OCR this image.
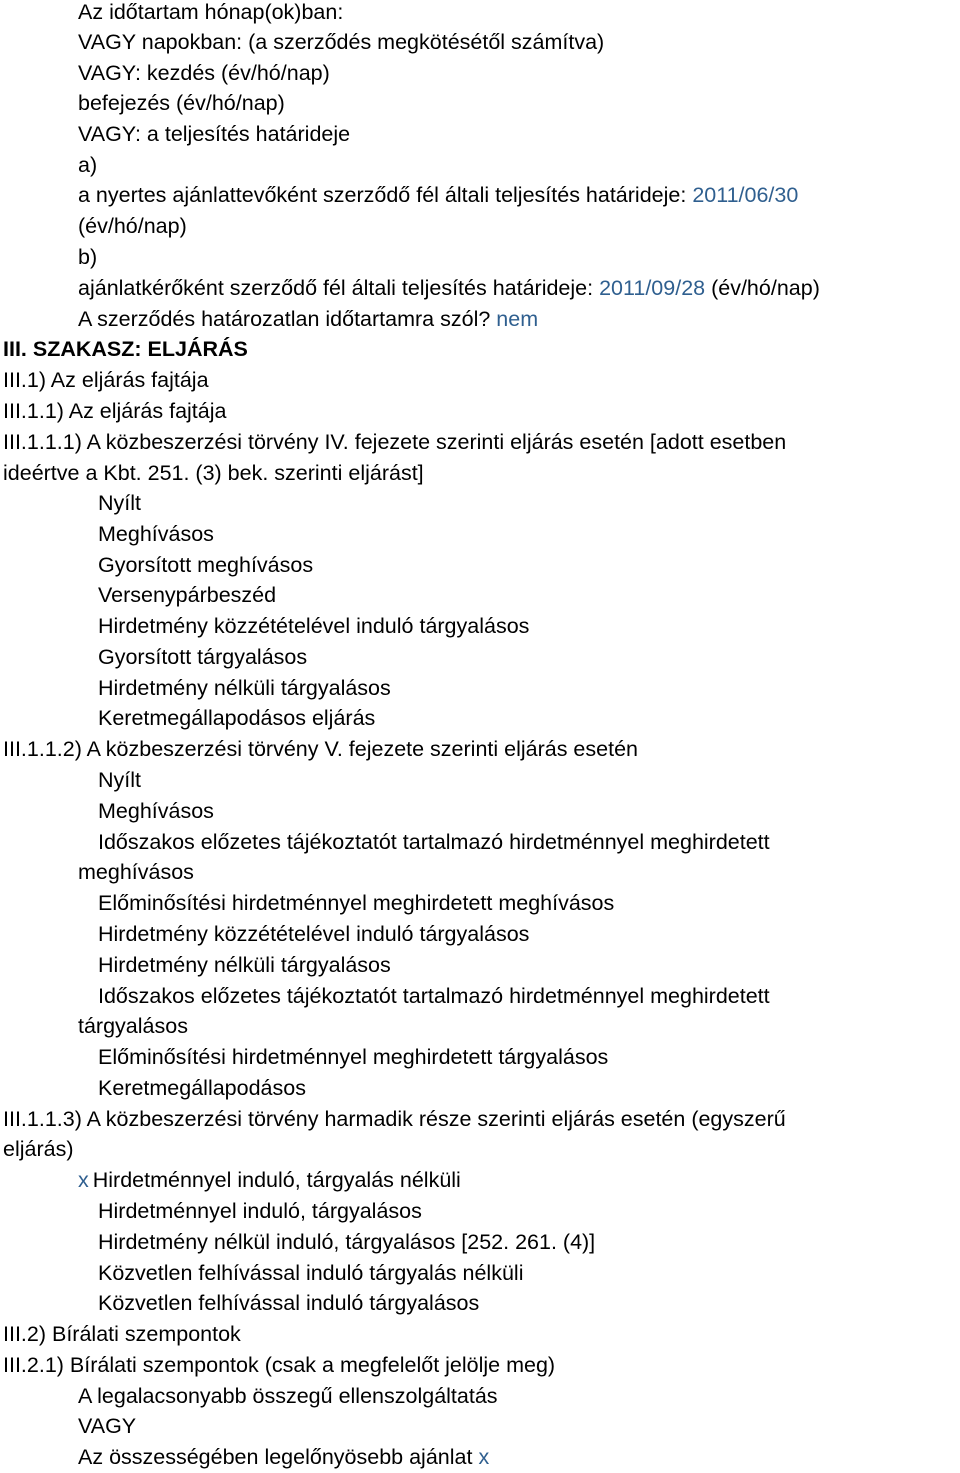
Az időtartam hónap(ok)ban:
VAGY napokban: (a szerződés megkötésétől számítva)
VAGY: kezdés (év/hó/nap)
befejezés (év/hó/nap)
VAGY: a teljesítés határideje
a)
a nyertes ajánlattevőként szerződő fél általi teljesítés határideje: 2011/06/30
(év/hó/nap)
b)
ajánlatkérőként szerződő fél általi teljesítés határideje: 2011/09/28 (év/hó/nap)
A szerződés határozatlan időtartamra szól? nem
III. SZAKASZ: ELJÁRÁS
III.1) Az eljárás fajtája
III.1.1) Az eljárás fajtája
III.1.1.1) A közbeszerzési törvény IV. fejezete szerinti eljárás esetén [adott esetben
ideértve a Kbt. 251. (3) bek. szerinti eljárást]
Nyílt
Meghívásos
Gyorsított meghívásos
Versenypárbeszéd
Hirdetmény közzétételével induló tárgyalásos
Gyorsított tárgyalásos
Hirdetmény nélküli tárgyalásos
Keretmegállapodásos eljárás
III.1.1.2) A közbeszerzési törvény V. fejezete szerinti eljárás esetén
Nyílt
Meghívásos
Időszakos előzetes tájékoztatót tartalmazó hirdetménnyel meghirdetett
meghívásos
Előminősítési hirdetménnyel meghirdetett meghívásos
Hirdetmény közzétételével induló tárgyalásos
Hirdetmény nélküli tárgyalásos
Időszakos előzetes tájékoztatót tartalmazó hirdetménnyel meghirdetett
tárgyalásos
Előminősítési hirdetménnyel meghirdetett tárgyalásos
Keretmegállapodásos
III.1.1.3) A közbeszerzési törvény harmadik része szerinti eljárás esetén (egyszerű
eljárás)
x Hirdetménnyel induló, tárgyalás nélküli
Hirdetménnyel induló, tárgyalásos
Hirdetmény nélkül induló, tárgyalásos [252. 261. (4)]
Közvetlen felhívással induló tárgyalás nélküli
Közvetlen felhívással induló tárgyalásos
III.2) Bírálati szempontok
III.2.1) Bírálati szempontok (csak a megfelelőt jelölje meg)
A legalacsonyabb összegű ellenszolgáltatás
VAGY
Az összességében legelőnyösebb ajánlat x
